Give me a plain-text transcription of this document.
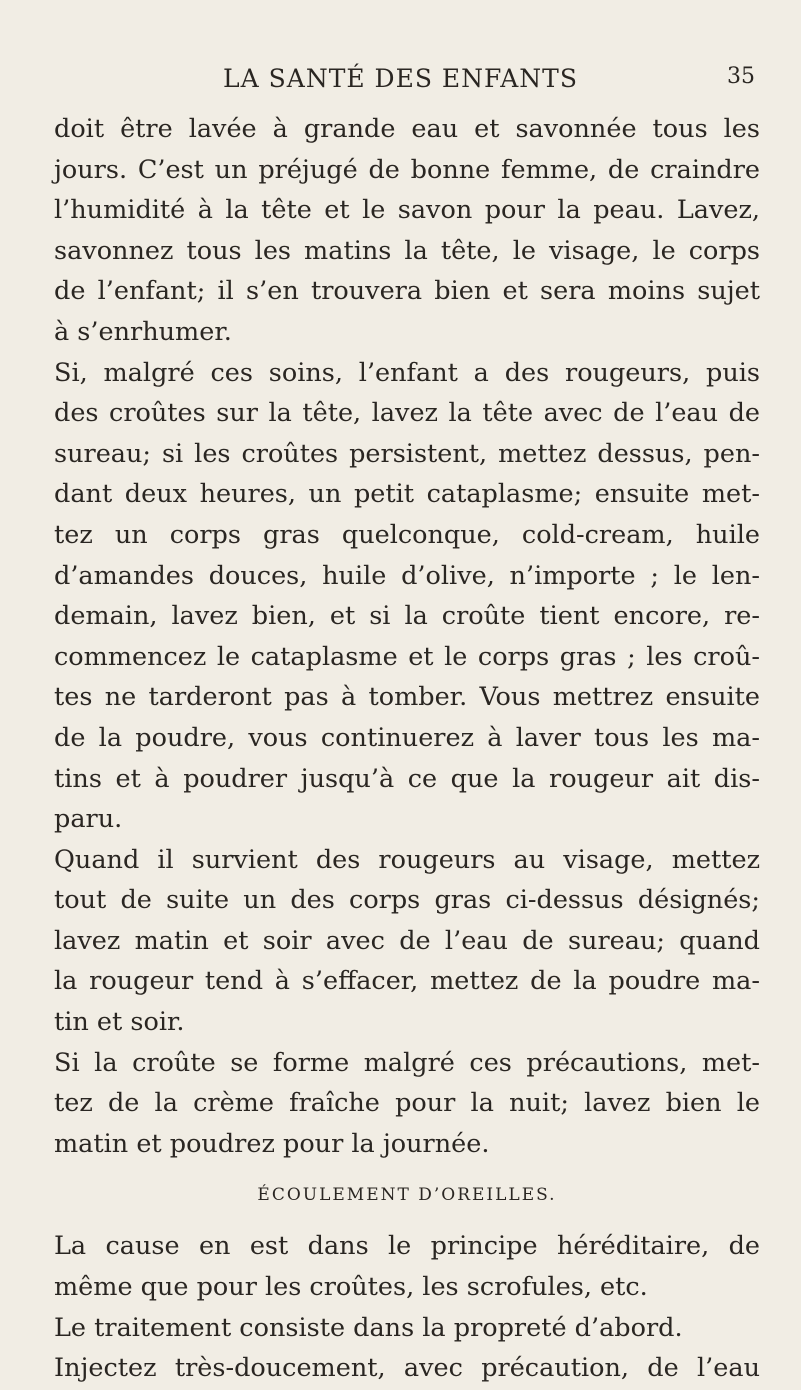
LA SANTÉ DES ENFANTS	35
doit être lavée à grande eau et savonnée tous les
jours. C’est un préjugé de bonne femme, de craindre
l’humidité à la tête et le savon pour la peau. Lavez,
savonnez tous les matins la tête, le visage, le corps
de l’enfant; il s’en trouvera bien et sera moins sujet
à s’enrhumer.
Si, malgré ces soins, l’enfant a des rougeurs, puis
des croûtes sur la tête, lavez la tête avec de l’eau de
sureau; si les croûtes persistent, mettez dessus, pen-
dant deux heures, un petit cataplasme; ensuite met-
tez un corps gras quelconque, cold-cream, huile
d’amandes douces, huile d’olive, n’importe ; le len-
demain, lavez bien, et si la croûte tient encore, re-
commencez le cataplasme et le corps gras ; les croû-
tes ne tarderont pas à tomber. Vous mettrez ensuite
de la poudre, vous continuerez à laver tous les ma-
tins et à poudrer jusqu’à ce que la rougeur ait dis-
paru.
Quand il survient des rougeurs au visage, mettez
tout de suite un des corps gras ci-dessus désignés;
lavez matin et soir avec de l’eau de sureau; quand
la rougeur tend à s’effacer, mettez de la poudre ma-
tin et soir.
Si la croûte se forme malgré ces précautions, met-
tez de la crème fraîche pour la nuit; lavez bien le
matin et poudrez pour la journée.
ÉCOULEMENT D’OREILLES.
La cause en est dans le principe héréditaire, de
même que pour les croûtes, les scrofules, etc.
Le traitement consiste dans la propreté d’abord.
Injectez très-doucement, avec précaution, de l’eau
